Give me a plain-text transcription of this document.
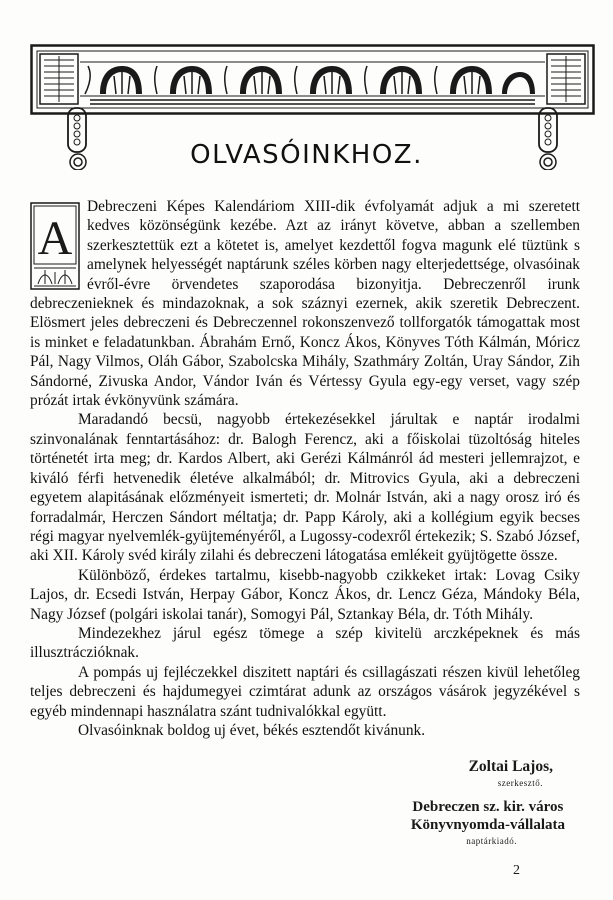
OLVASÓINKHOZ.
A

Debreczeni Képes Kalendáriom XIII-dik évfolyamát adjuk a mi szeretett kedves közönségünk kezébe. Azt az irányt követve, abban a szellemben szerkesztettük ezt a kötetet is, amelyet kezdettől fogva magunk elé tüztünk s amelynek helyességét naptárunk széles körben nagy elterjedettsége, olvasóinak évről-évre örvendetes szaporodása bizonyitja. Debreczenről irunk debreczenieknek és mindazoknak, a sok száznyi ezernek, akik szeretik Debreczent. Elösmert jeles debreczeni és Debreczennel rokonszenvező tollforgatók támogattak most is minket e feladatunkban. Ábrahám Ernő, Koncz Ákos, Könyves Tóth Kálmán, Móricz Pál, Nagy Vilmos, Oláh Gábor, Szabolcska Mihály, Szathmáry Zoltán, Uray Sándor, Zih Sándorné, Zivuska Andor, Vándor Iván és Vértessy Gyula egy-egy verset, vagy szép prózát irtak évkönyvünk számára.

Maradandó becsü, nagyobb értekezésekkel járultak e naptár irodalmi szinvonalának fenntartásához: dr. Balogh Ferencz, aki a főiskolai tüzoltóság hiteles történetét irta meg; dr. Kardos Albert, aki Gerézi Kálmánról ád mesteri jellemrajzot, e kiváló férfi hetvenedik életéve alkalmából; dr. Mitrovics Gyula, aki a debreczeni egyetem alapitásának előzményeit ismerteti; dr. Molnár István, aki a nagy orosz iró és forradalmár, Herczen Sándort méltatja; dr. Papp Károly, aki a kollégium egyik becses régi magyar nyelvemlék-gyüjteményéről, a Lugossy-codexről értekezik; S. Szabó József, aki XII. Károly svéd király zilahi és debreczeni látogatása emlékeit gyüjtögette össze.

Különböző, érdekes tartalmu, kisebb-nagyobb czikkeket irtak: Lovag Csiky Lajos, dr. Ecsedi István, Herpay Gábor, Koncz Ákos, dr. Lencz Géza, Mándoky Béla, Nagy József (polgári iskolai tanár), Somogyi Pál, Sztankay Béla, dr. Tóth Mihály.

Mindezekhez járul egész tömege a szép kivitelü arczképeknek és más illusztráczióknak.

A pompás uj fejléczekkel diszitett naptári és csillagászati részen kivül lehetőleg teljes debreczeni és hajdumegyei czimtárat adunk az országos vásárok jegyzékével s egyéb mindennapi használatra szánt tudnivalókkal együtt.

Olvasóinknak boldog uj évet, békés esztendőt kivánunk.

Zoltai Lajos,
szerkesztő.
Debreczen sz. kir. város
Könyvnyomda-vállalata
naptárkiadó.
2
